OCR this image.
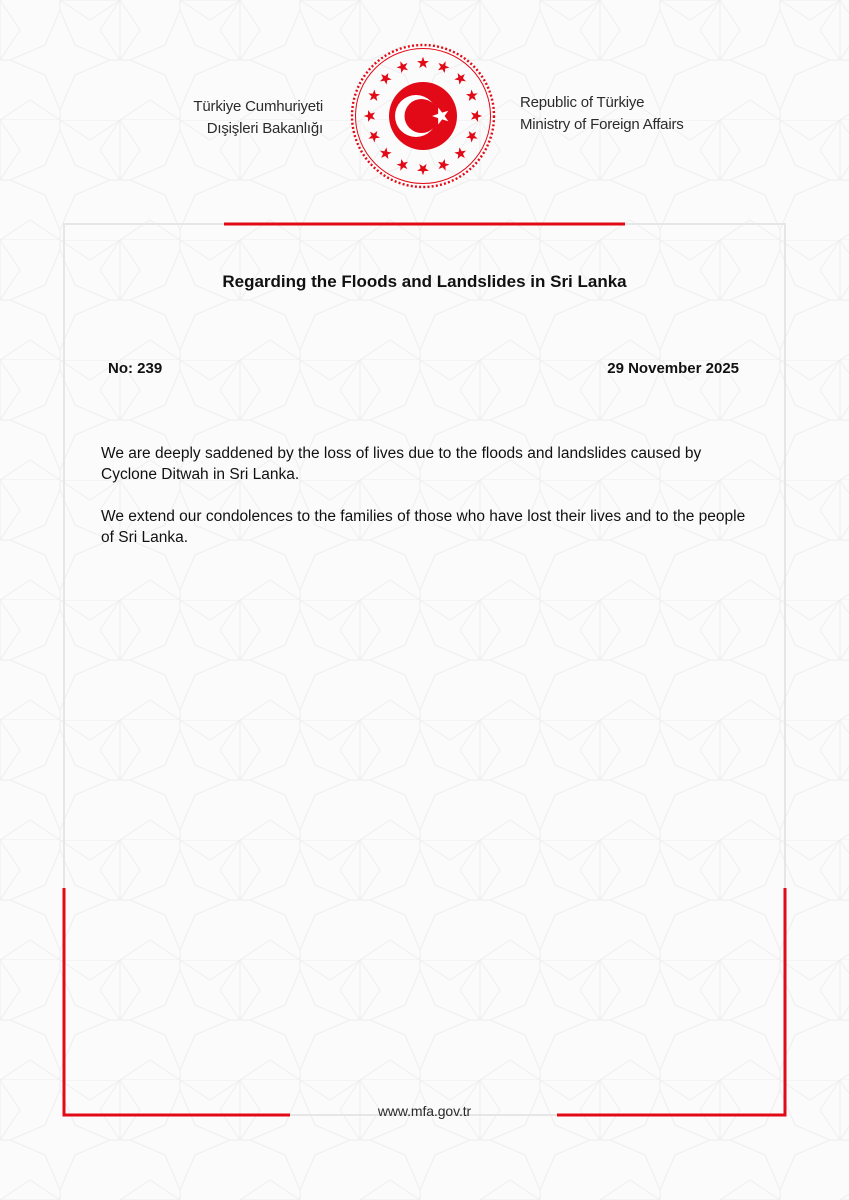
Türkiye Cumhuriyeti
Dışişleri Bakanlığı
Republic of Türkiye
Ministry of Foreign Affairs
Regarding the Floods and Landslides in Sri Lanka
No: 239	29 November 2025

We are deeply saddened by the loss of lives due to the floods and landslides caused by Cyclone Ditwah in Sri Lanka.

We extend our condolences to the families of those who have lost their lives and to the people of Sri Lanka.

www.mfa.gov.tr
